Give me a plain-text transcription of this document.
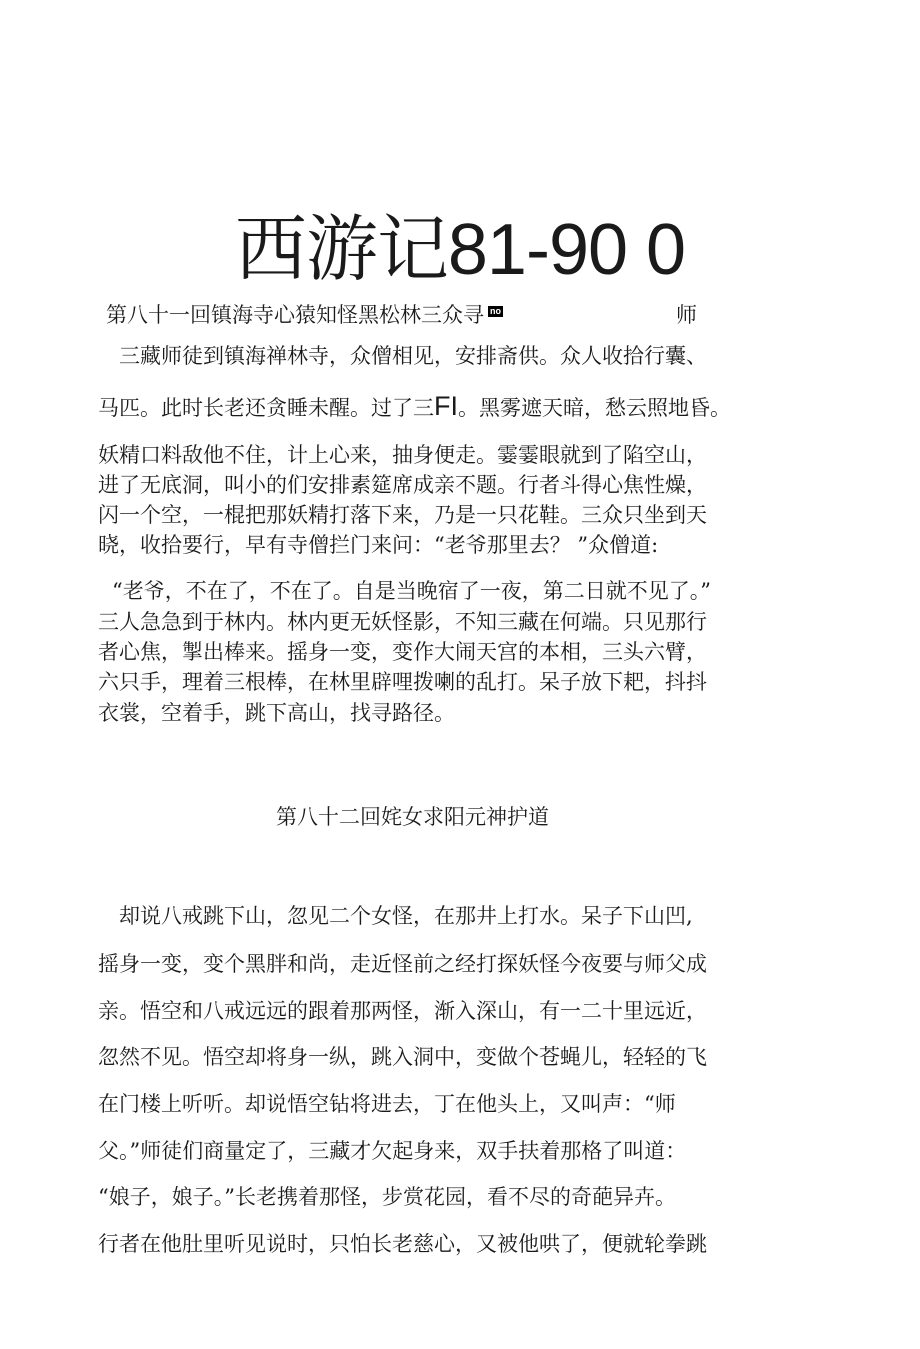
西游记81-90 0
第八十一回镇海寺心猿知怪黑松林三众寻 no	师
　三藏师徒到镇海禅林寺，众僧相见，安排斋供。众人收拾行囊、
马匹。此时长老还贪睡未醒。过了三FI。黑雾遮天暗，愁云照地昏。
妖精口料敌他不住，计上心来，抽身便走。霎霎眼就到了陷空山，
进了无底洞，叫小的们安排素筵席成亲不题。行者斗得心焦性燥，
闪一个空，一棍把那妖精打落下来，乃是一只花鞋。三众只坐到天
晓，收拾要行，早有寺僧拦门来问：“老爷那里去？ ”众僧道:
“老爷，不在了，不在了。自是当晚宿了一夜，第二日就不见了。”
三人急急到于林内。林内更无妖怪影，不知三藏在何端。只见那行
者心焦，掣出棒来。摇身一变，变作大闹天宫的本相，三头六臂，
六只手，理着三根棒，在林里辟哩拨喇的乱打。呆子放下耙，抖抖
衣裳，空着手，跳下高山，找寻路径。
第八十二回姹女求阳元神护道
　却说八戒跳下山，忽见二个女怪，在那井上打水。呆子下山凹,
摇身一变，变个黑胖和尚，走近怪前之经打探妖怪今夜要与师父成
亲。悟空和八戒远远的跟着那两怪，渐入深山，有一二十里远近，
忽然不见。悟空却将身一纵，跳入洞中，变做个苍蝇儿，轻轻的飞
在门楼上听听。却说悟空钻将进去，丁在他头上，又叫声：“师
父。”师徒们商量定了，三藏才欠起身来，双手扶着那格了叫道：
“娘子，娘子。”长老携着那怪，步赏花园，看不尽的奇葩异卉。
行者在他肚里听见说时，只怕长老慈心，又被他哄了，便就轮拳跳
